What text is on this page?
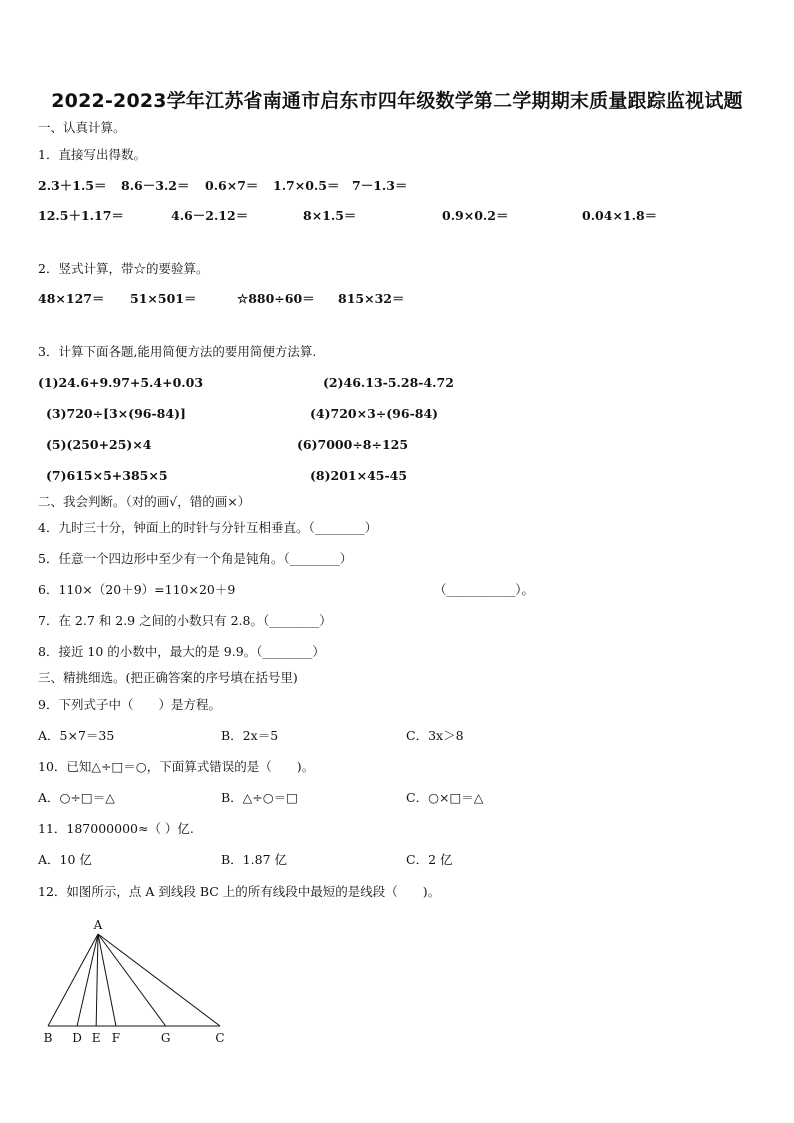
2022-2023学年江苏省南通市启东市四年级数学第二学期期末质量跟踪监视试题
一、认真计算。
1．直接写出得数。
2.3＋1.5＝ 8.6－3.2＝ 0.6×7＝ 1.7×0.5＝ 7－1.3＝
12.5＋1.17＝	4.6－2.12＝	8×1.5＝	0.9×0.2＝	0.04×1.8＝
2．竖式计算，带☆的要验算。
48×127＝ 51×501＝	☆880÷60＝ 815×32＝
3．计算下面各题,能用简便方法的要用简便方法算.
(1)24.6+9.97+5.4+0.03	(2)46.13-5.28-4.72
(3)720÷[3×(96-84)]	(4)720×3÷(96-84)
(5)(250+25)×4	(6)7000÷8÷125
(7)615×5+385×5	(8)201×45-45
二、我会判断。（对的画√，错的画×）
4．九时三十分，钟面上的时针与分针互相垂直。（________）
5．任意一个四边形中至少有一个角是钝角。（________）
6．110×（20＋9）=110×20＋9	（___________）。
7．在 2.7 和 2.9 之间的小数只有 2.8。（________）
8．接近 10 的小数中，最大的是 9.9。（________）
三、精挑细选。(把正确答案的序号填在括号里)
9．下列式子中（　　）是方程。
A．5×7＝35	B．2x＝5	C．3x＞8
10．已知△÷□＝○，下面算式错误的是（　　)。
A．○÷□＝△	B．△÷○＝□	C．○×□＝△
11．187000000≈（ ）亿.
A．10 亿	B．1.87 亿	C．2 亿
12．如图所示，点 A 到线段 BC 上的所有线段中最短的是线段（　　)。
B D E F	G	C
A
